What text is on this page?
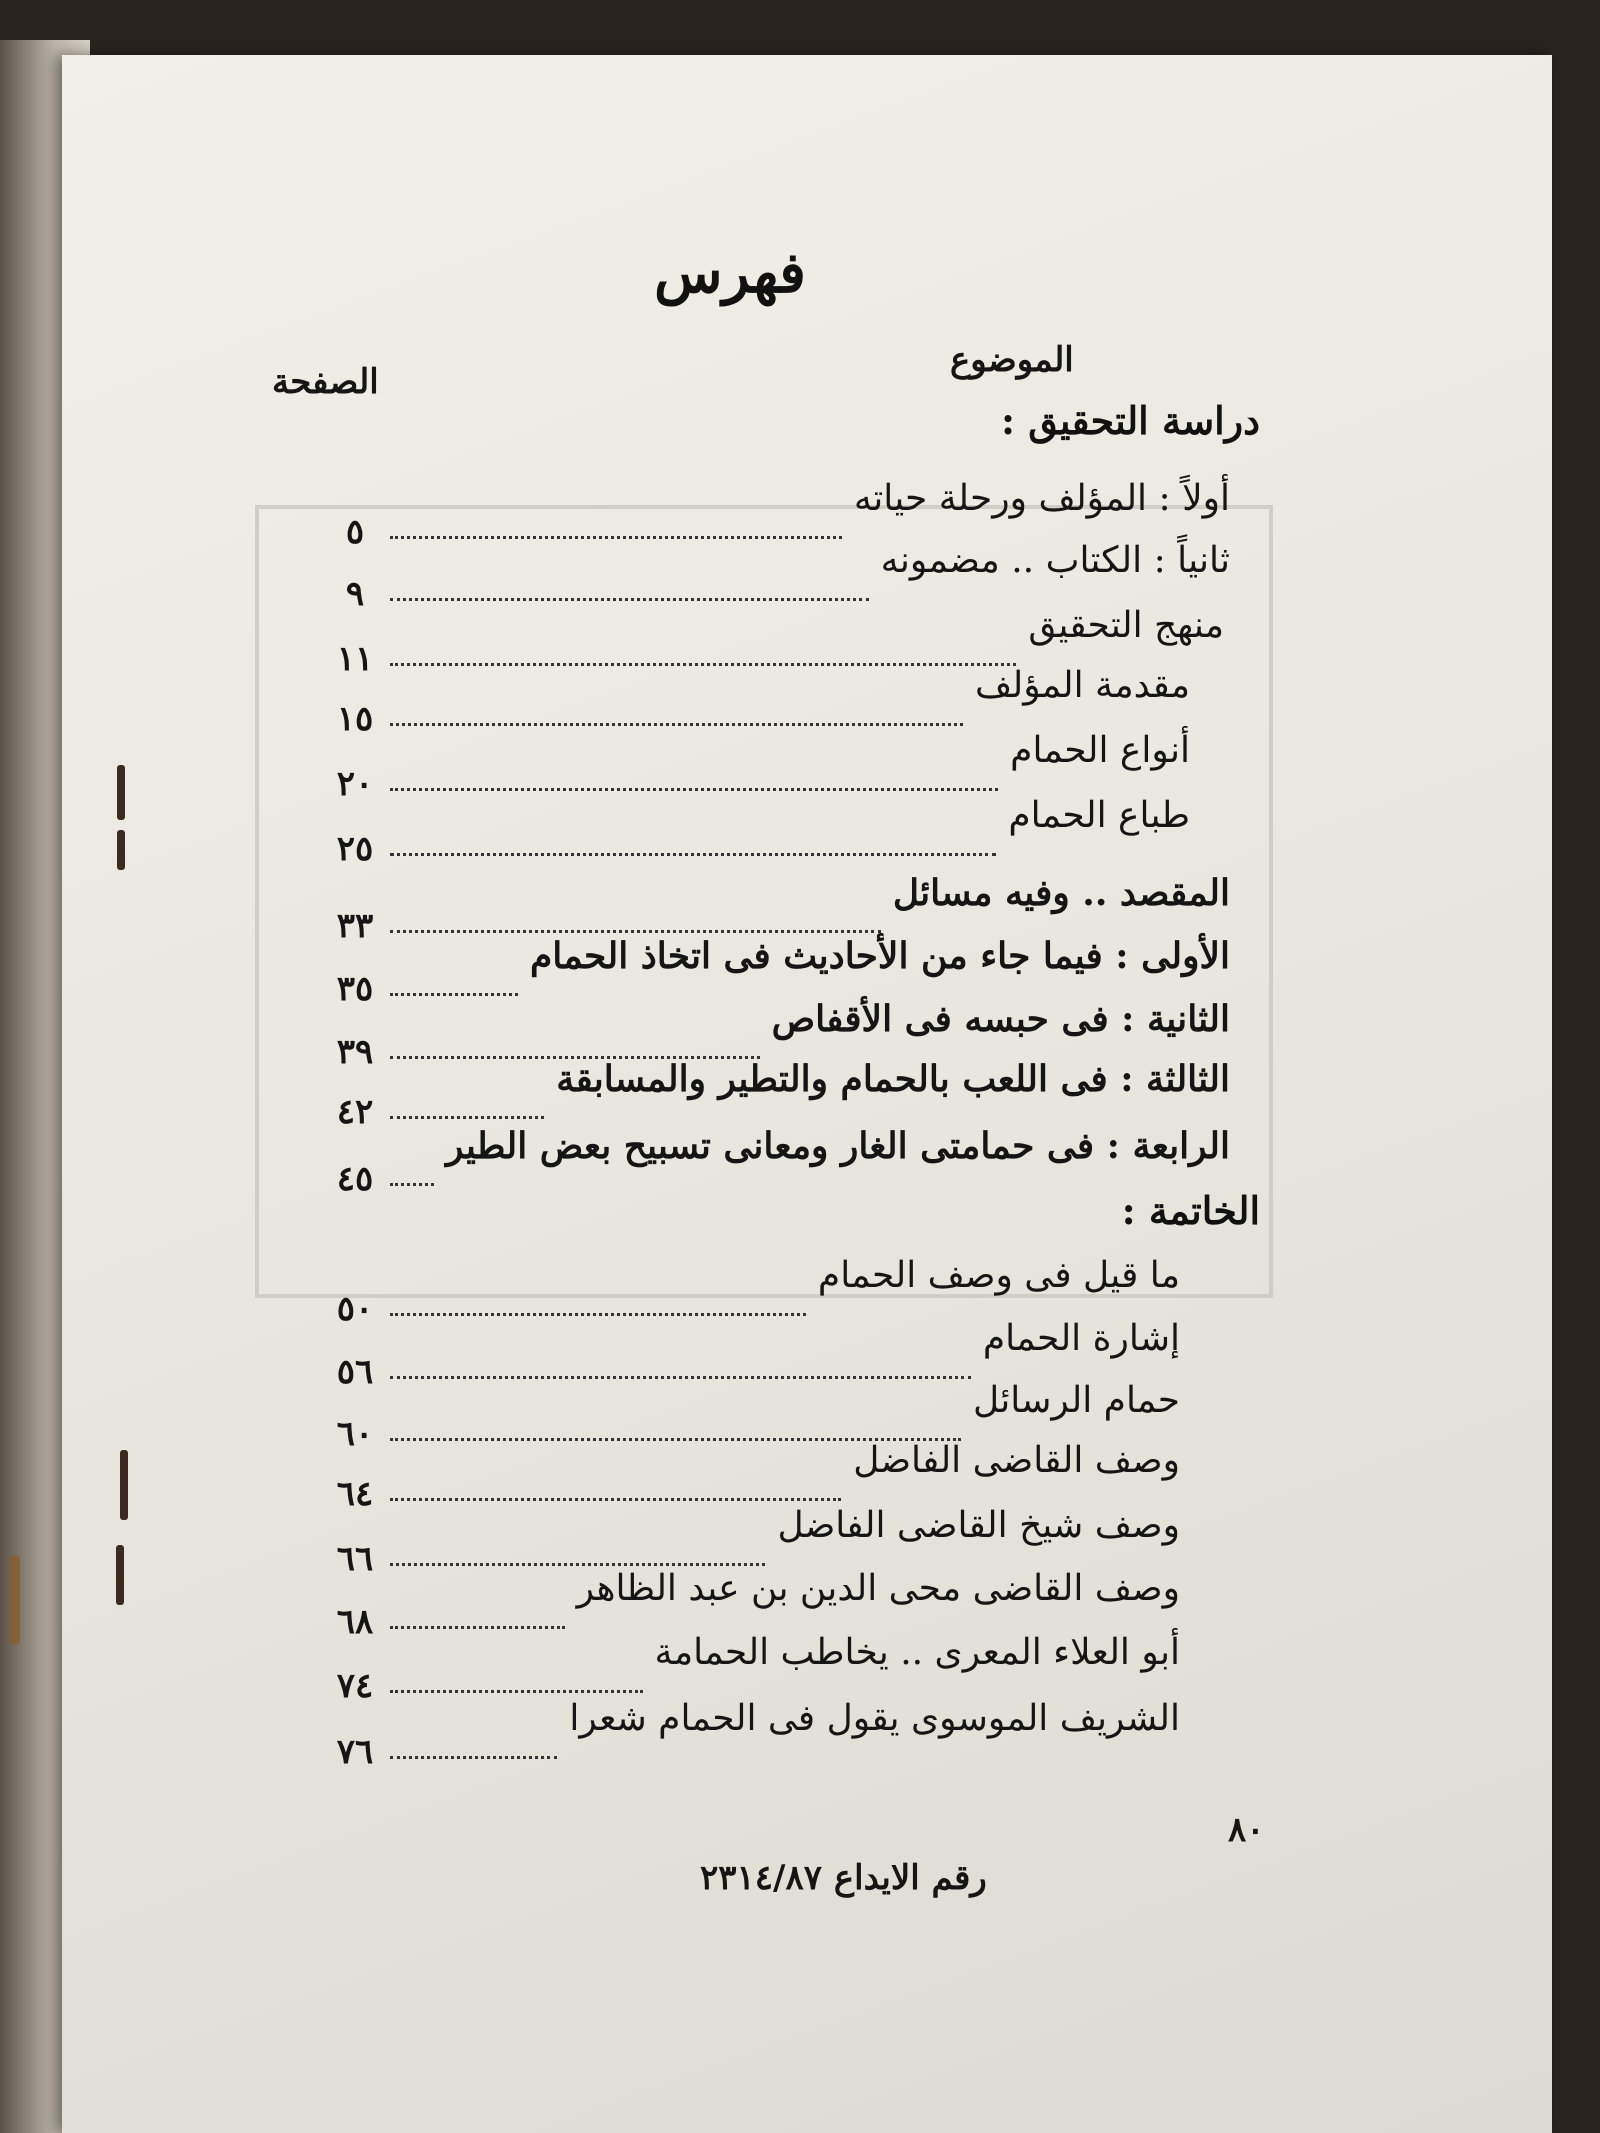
فهرس
الموضوع
الصفحة
دراسة التحقيق :
الخاتمة :
أولاً : المؤلف ورحلة حياته
٥
ثانياً : الكتاب .. مضمونه
٩
منهج التحقيق
١١
مقدمة المؤلف
١٥
أنواع الحمام
٢٠
طباع الحمام
٢٥
المقصد .. وفيه مسائل
٣٣
الأولى : فيما جاء من الأحاديث فى اتخاذ الحمام
٣٥
الثانية : فى حبسه فى الأقفاص
٣٩
الثالثة : فى اللعب بالحمام والتطير والمسابقة
٤٢
الرابعة : فى حمامتى الغار ومعانى تسبيح بعض الطير
٤٥
ما قيل فى وصف الحمام
٥٠
إشارة الحمام
٥٦
حمام الرسائل
٦٠
وصف القاضى الفاضل
٦٤
وصف شيخ القاضى الفاضل
٦٦
وصف القاضى محى الدين بن عبد الظاهر
٦٨
أبو العلاء المعرى .. يخاطب الحمامة
٧٤
الشريف الموسوى يقول فى الحمام شعرا
٧٦
٨٠
رقم الايداع ٢٣١٤/٨٧
